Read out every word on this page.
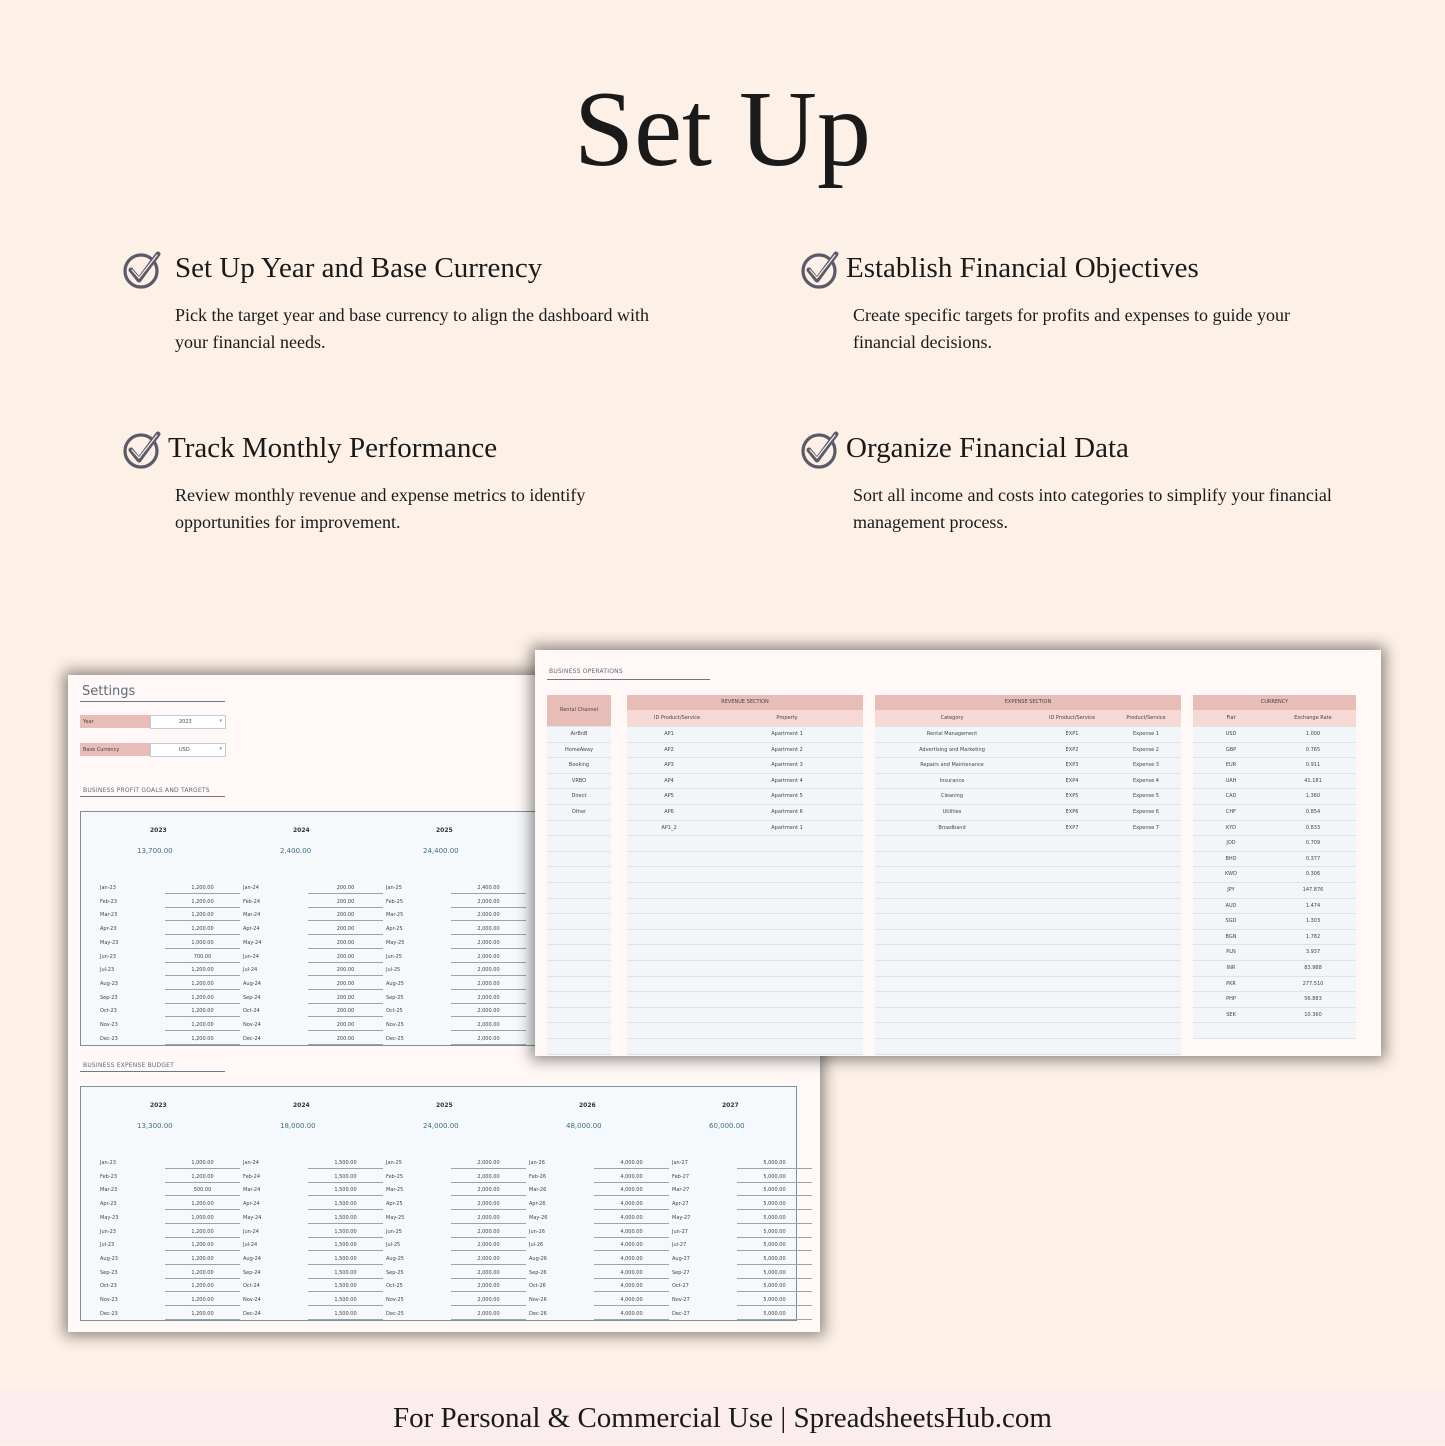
Set Up
Set Up Year and Base Currency

Pick the target year and base currency to align the dashboard with your financial needs.

Establish Financial Objectives

Create specific targets for profits and expenses to guide your financial decisions.

Track Monthly Performance

Review monthly revenue and expense metrics to identify opportunities for improvement.

Organize Financial Data

Sort all income and costs into categories to simplify your financial management process.

Settings
Year	2023	▾
Base Currency	USD	▾
BUSINESS PROFIT GOALS AND TARGETS
2023
13,700.00
Jan-23	1,200.00
Feb-23	1,200.00
Mar-23	1,200.00
Apr-23	1,200.00
May-23	1,000.00
Jun-23	700.00
Jul-23	1,200.00
Aug-23	1,200.00
Sep-23	1,200.00
Oct-23	1,200.00
Nov-23	1,200.00
Dec-23	1,200.00
2024
2,400.00
Jan-24	200.00
Feb-24	200.00
Mar-24	200.00
Apr-24	200.00
May-24	200.00
Jun-24	200.00
Jul-24	200.00
Aug-24	200.00
Sep-24	200.00
Oct-24	200.00
Nov-24	200.00
Dec-24	200.00
2025
24,400.00
Jan-25	2,400.00
Feb-25	2,000.00
Mar-25	2,000.00
Apr-25	2,000.00
May-25	2,000.00
Jun-25	2,000.00
Jul-25	2,000.00
Aug-25	2,000.00
Sep-25	2,000.00
Oct-25	2,000.00
Nov-25	2,000.00
Dec-25	2,000.00
BUSINESS EXPENSE BUDGET
2023
13,300.00
Jan-23	1,000.00
Feb-23	1,200.00
Mar-23	500.00
Apr-23	1,200.00
May-23	1,000.00
Jun-23	1,200.00
Jul-23	1,200.00
Aug-23	1,200.00
Sep-23	1,200.00
Oct-23	1,200.00
Nov-23	1,200.00
Dec-23	1,200.00
2024
18,000.00
Jan-24	1,500.00
Feb-24	1,500.00
Mar-24	1,500.00
Apr-24	1,500.00
May-24	1,500.00
Jun-24	1,500.00
Jul-24	1,500.00
Aug-24	1,500.00
Sep-24	1,500.00
Oct-24	1,500.00
Nov-24	1,500.00
Dec-24	1,500.00
2025
24,000.00
Jan-25	2,000.00
Feb-25	2,000.00
Mar-25	2,000.00
Apr-25	2,000.00
May-25	2,000.00
Jun-25	2,000.00
Jul-25	2,000.00
Aug-25	2,000.00
Sep-25	2,000.00
Oct-25	2,000.00
Nov-25	2,000.00
Dec-25	2,000.00
2026
48,000.00
Jan-26	4,000.00
Feb-26	4,000.00
Mar-26	4,000.00
Apr-26	4,000.00
May-26	4,000.00
Jun-26	4,000.00
Jul-26	4,000.00
Aug-26	4,000.00
Sep-26	4,000.00
Oct-26	4,000.00
Nov-26	4,000.00
Dec-26	4,000.00
2027
60,000.00
Jan-27	5,000.00
Feb-27	5,000.00
Mar-27	5,000.00
Apr-27	5,000.00
May-27	5,000.00
Jun-27	5,000.00
Jul-27	5,000.00
Aug-27	5,000.00
Sep-27	5,000.00
Oct-27	5,000.00
Nov-27	5,000.00
Dec-27	5,000.00
BUSINESS OPERATIONS
Rental Channel
AirBnB
HomeAway
Booking
VRBO
Direct
Other
REVENUE SECTION
ID Product/Service	Property
AP1	Apartment 1
AP2	Apartment 2
AP3	Apartment 3
AP4	Apartment 4
AP5	Apartment 5
AP6	Apartment 6
AP1_2	Apartment 1
EXPENSE SECTION
Category	ID Product/Service	Product/Service
Rental Management	EXP1	Expense 1
Advertising and Marketing	EXP2	Expense 2
Repairs and Maintenance	EXP3	Expense 3
Insurance	EXP4	Expense 4
Cleaning	EXP5	Expense 5
Utilities	EXP6	Expense 6
Broadband	EXP7	Expense 7
CURRENCY
Fiat	Exchange Rate
USD	1.000
GBP	0.765
EUR	0.911
UAH	41.181
CAD	1.360
CHF	0.854
KYD	0.833
JOD	0.709
BHD	0.377
KWD	0.306
JPY	147.876
AUD	1.474
SGD	1.303
BGN	1.782
PLN	3.937
INR	83.988
PKR	277.510
PHP	56.883
SEK	10.360
For Personal & Commercial Use | SpreadsheetsHub.com
